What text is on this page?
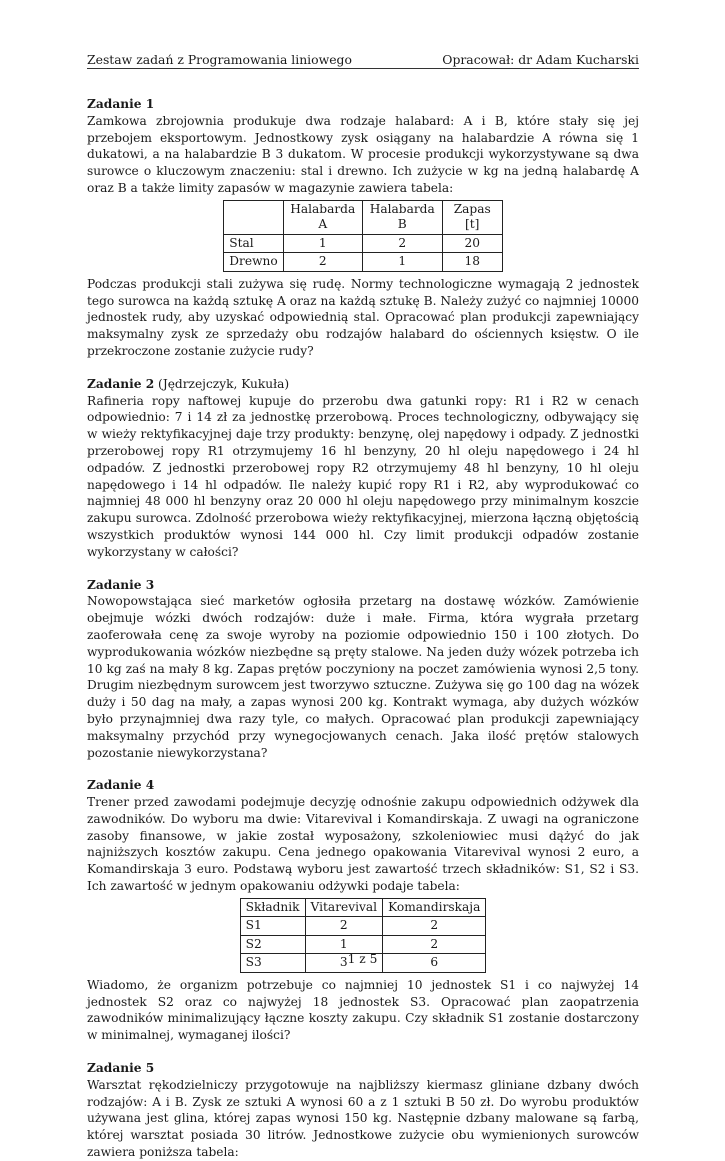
Zestaw zadań z Programowania liniowego	Opracował: dr Adam Kucharski
Zadanie 1

Zamkowa zbrojownia produkuje dwa rodzaje halabard: A i B, które stały się jej przebojem eksportowym. Jednostkowy zysk osiągany na halabardzie A równa się 1 dukatowi, a na halabardzie B 3 dukatom. W procesie produkcji wykorzystywane są dwa surowce o kluczowym znaczeniu: stal i drewno. Ich zużycie w kg na jedną halabardę A oraz B a także limity zapasów w magazynie zawiera tabela:

	Halabarda A	Halabarda B	Zapas [t]
Stal	1	2	20
Drewno	2	1	18

Podczas produkcji stali zużywa się rudę. Normy technologiczne wymagają 2 jednostek tego surowca na każdą sztukę A oraz na każdą sztukę B. Należy zużyć co najmniej 10000 jednostek rudy, aby uzyskać odpowiednią stal. Opracować plan produkcji zapewniający maksymalny zysk ze sprzedaży obu rodzajów halabard do ościennych księstw. O ile przekroczone zostanie zużycie rudy?

Zadanie 2 (Jędrzejczyk, Kukuła)

Rafineria ropy naftowej kupuje do przerobu dwa gatunki ropy: R1 i R2 w cenach odpowiednio: 7 i 14 zł za jednostkę przerobową. Proces technologiczny, odbywający się w wieży rektyfikacyjnej daje trzy produkty: benzynę, olej napędowy i odpady. Z jednostki przerobowej ropy R1 otrzymujemy 16 hl benzyny, 20 hl oleju napędowego i 24 hl odpadów. Z jednostki przerobowej ropy R2 otrzymujemy 48 hl benzyny, 10 hl oleju napędowego i 14 hl odpadów. Ile należy kupić ropy R1 i R2, aby wyprodukować co najmniej 48 000 hl benzyny oraz 20 000 hl oleju napędowego przy minimalnym koszcie zakupu surowca. Zdolność przerobowa wieży rektyfikacyjnej, mierzona łączną objętością wszystkich produktów wynosi 144 000 hl. Czy limit produkcji odpadów zostanie wykorzystany w całości?

Zadanie 3

Nowopowstająca sieć marketów ogłosiła przetarg na dostawę wózków. Zamówienie obejmuje wózki dwóch rodzajów: duże i małe. Firma, która wygrała przetarg zaoferowała cenę za swoje wyroby na poziomie odpowiednio 150 i 100 złotych. Do wyprodukowania wózków niezbędne są pręty stalowe. Na jeden duży wózek potrzeba ich 10 kg zaś na mały 8 kg. Zapas prętów poczyniony na poczet zamówienia wynosi 2,5 tony. Drugim niezbędnym surowcem jest tworzywo sztuczne. Zużywa się go 100 dag na wózek duży i 50 dag na mały, a zapas wynosi 200 kg. Kontrakt wymaga, aby dużych wózków było przynajmniej dwa razy tyle, co małych. Opracować plan produkcji zapewniający maksymalny przychód przy wynegocjowanych cenach. Jaka ilość prętów stalowych pozostanie niewykorzystana?

Zadanie 4

Trener przed zawodami podejmuje decyzję odnośnie zakupu odpowiednich odżywek dla zawodników. Do wyboru ma dwie: Vitarevival i Komandirskaja. Z uwagi na ograniczone zasoby finansowe, w jakie został wyposażony, szkoleniowiec musi dążyć do jak najniższych kosztów zakupu. Cena jednego opakowania Vitarevival wynosi 2 euro, a Komandirskaja 3 euro. Podstawą wyboru jest zawartość trzech składników: S1, S2 i S3. Ich zawartość w jednym opakowaniu odżywki podaje tabela:

Składnik	Vitarevival	Komandirskaja
S1	2	2
S2	1	2
S3	3	6

Wiadomo, że organizm potrzebuje co najmniej 10 jednostek S1 i co najwyżej 14 jednostek S2 oraz co najwyżej 18 jednostek S3. Opracować plan zaopatrzenia zawodników minimalizujący łączne koszty zakupu. Czy składnik S1 zostanie dostarczony w minimalnej, wymaganej ilości?

Zadanie 5

Warsztat rękodzielniczy przygotowuje na najbliższy kiermasz gliniane dzbany dwóch rodzajów: A i B. Zysk ze sztuki A wynosi 60 a z 1 sztuki B 50 zł. Do wyrobu produktów używana jest glina, której zapas wynosi 150 kg. Następnie dzbany malowane są farbą, której warsztat posiada 30 litrów. Jednostkowe zużycie obu wymienionych surowców zawiera poniższa tabela:

1 z 5
